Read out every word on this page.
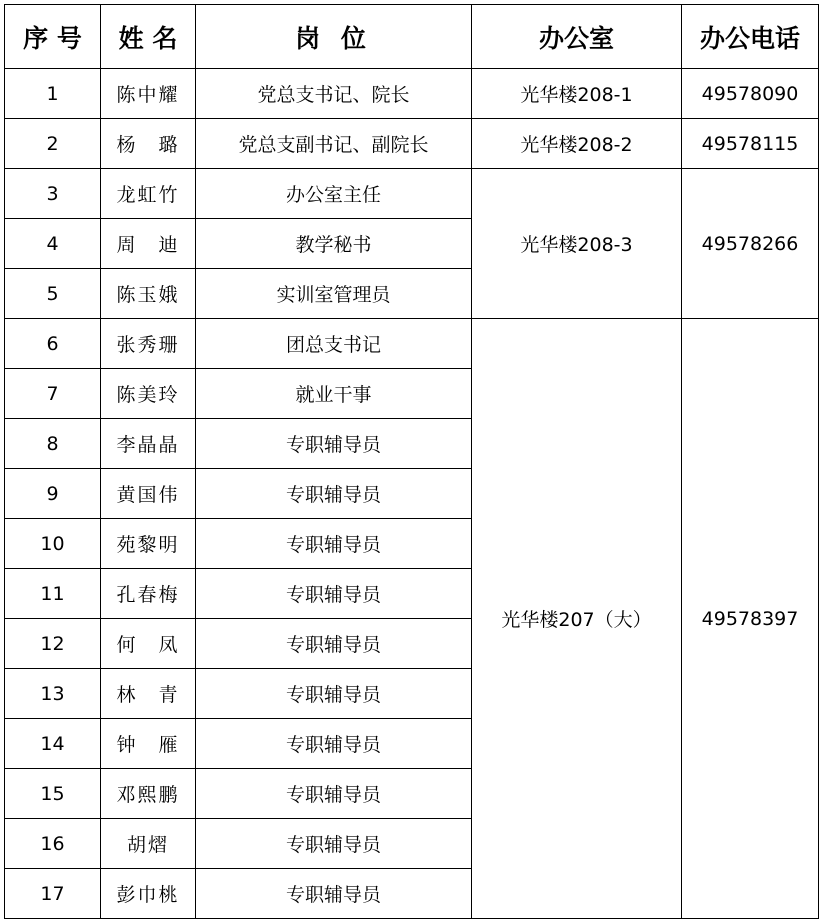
序 号	姓 名	岗 位	办公室	办公电话
1	陈中耀	党总支书记、院长	光华楼208-1	49578090
2	杨　璐	党总支副书记、副院长	光华楼208-2	49578115
3	龙虹竹	办公室主任	光华楼208-3	49578266
4	周　迪	教学秘书		
5	陈玉娥	实训室管理员		
6	张秀珊	团总支书记	光华楼207（大）	49578397
7	陈美玲	就业干事		
8	李晶晶	专职辅导员		
9	黄国伟	专职辅导员		
10	苑黎明	专职辅导员		
11	孔春梅	专职辅导员		
12	何　凤	专职辅导员		
13	林　青	专职辅导员		
14	钟　雁	专职辅导员		
15	邓熙鹏	专职辅导员		
16	胡熠	专职辅导员		
17	彭巾桃	专职辅导员		
